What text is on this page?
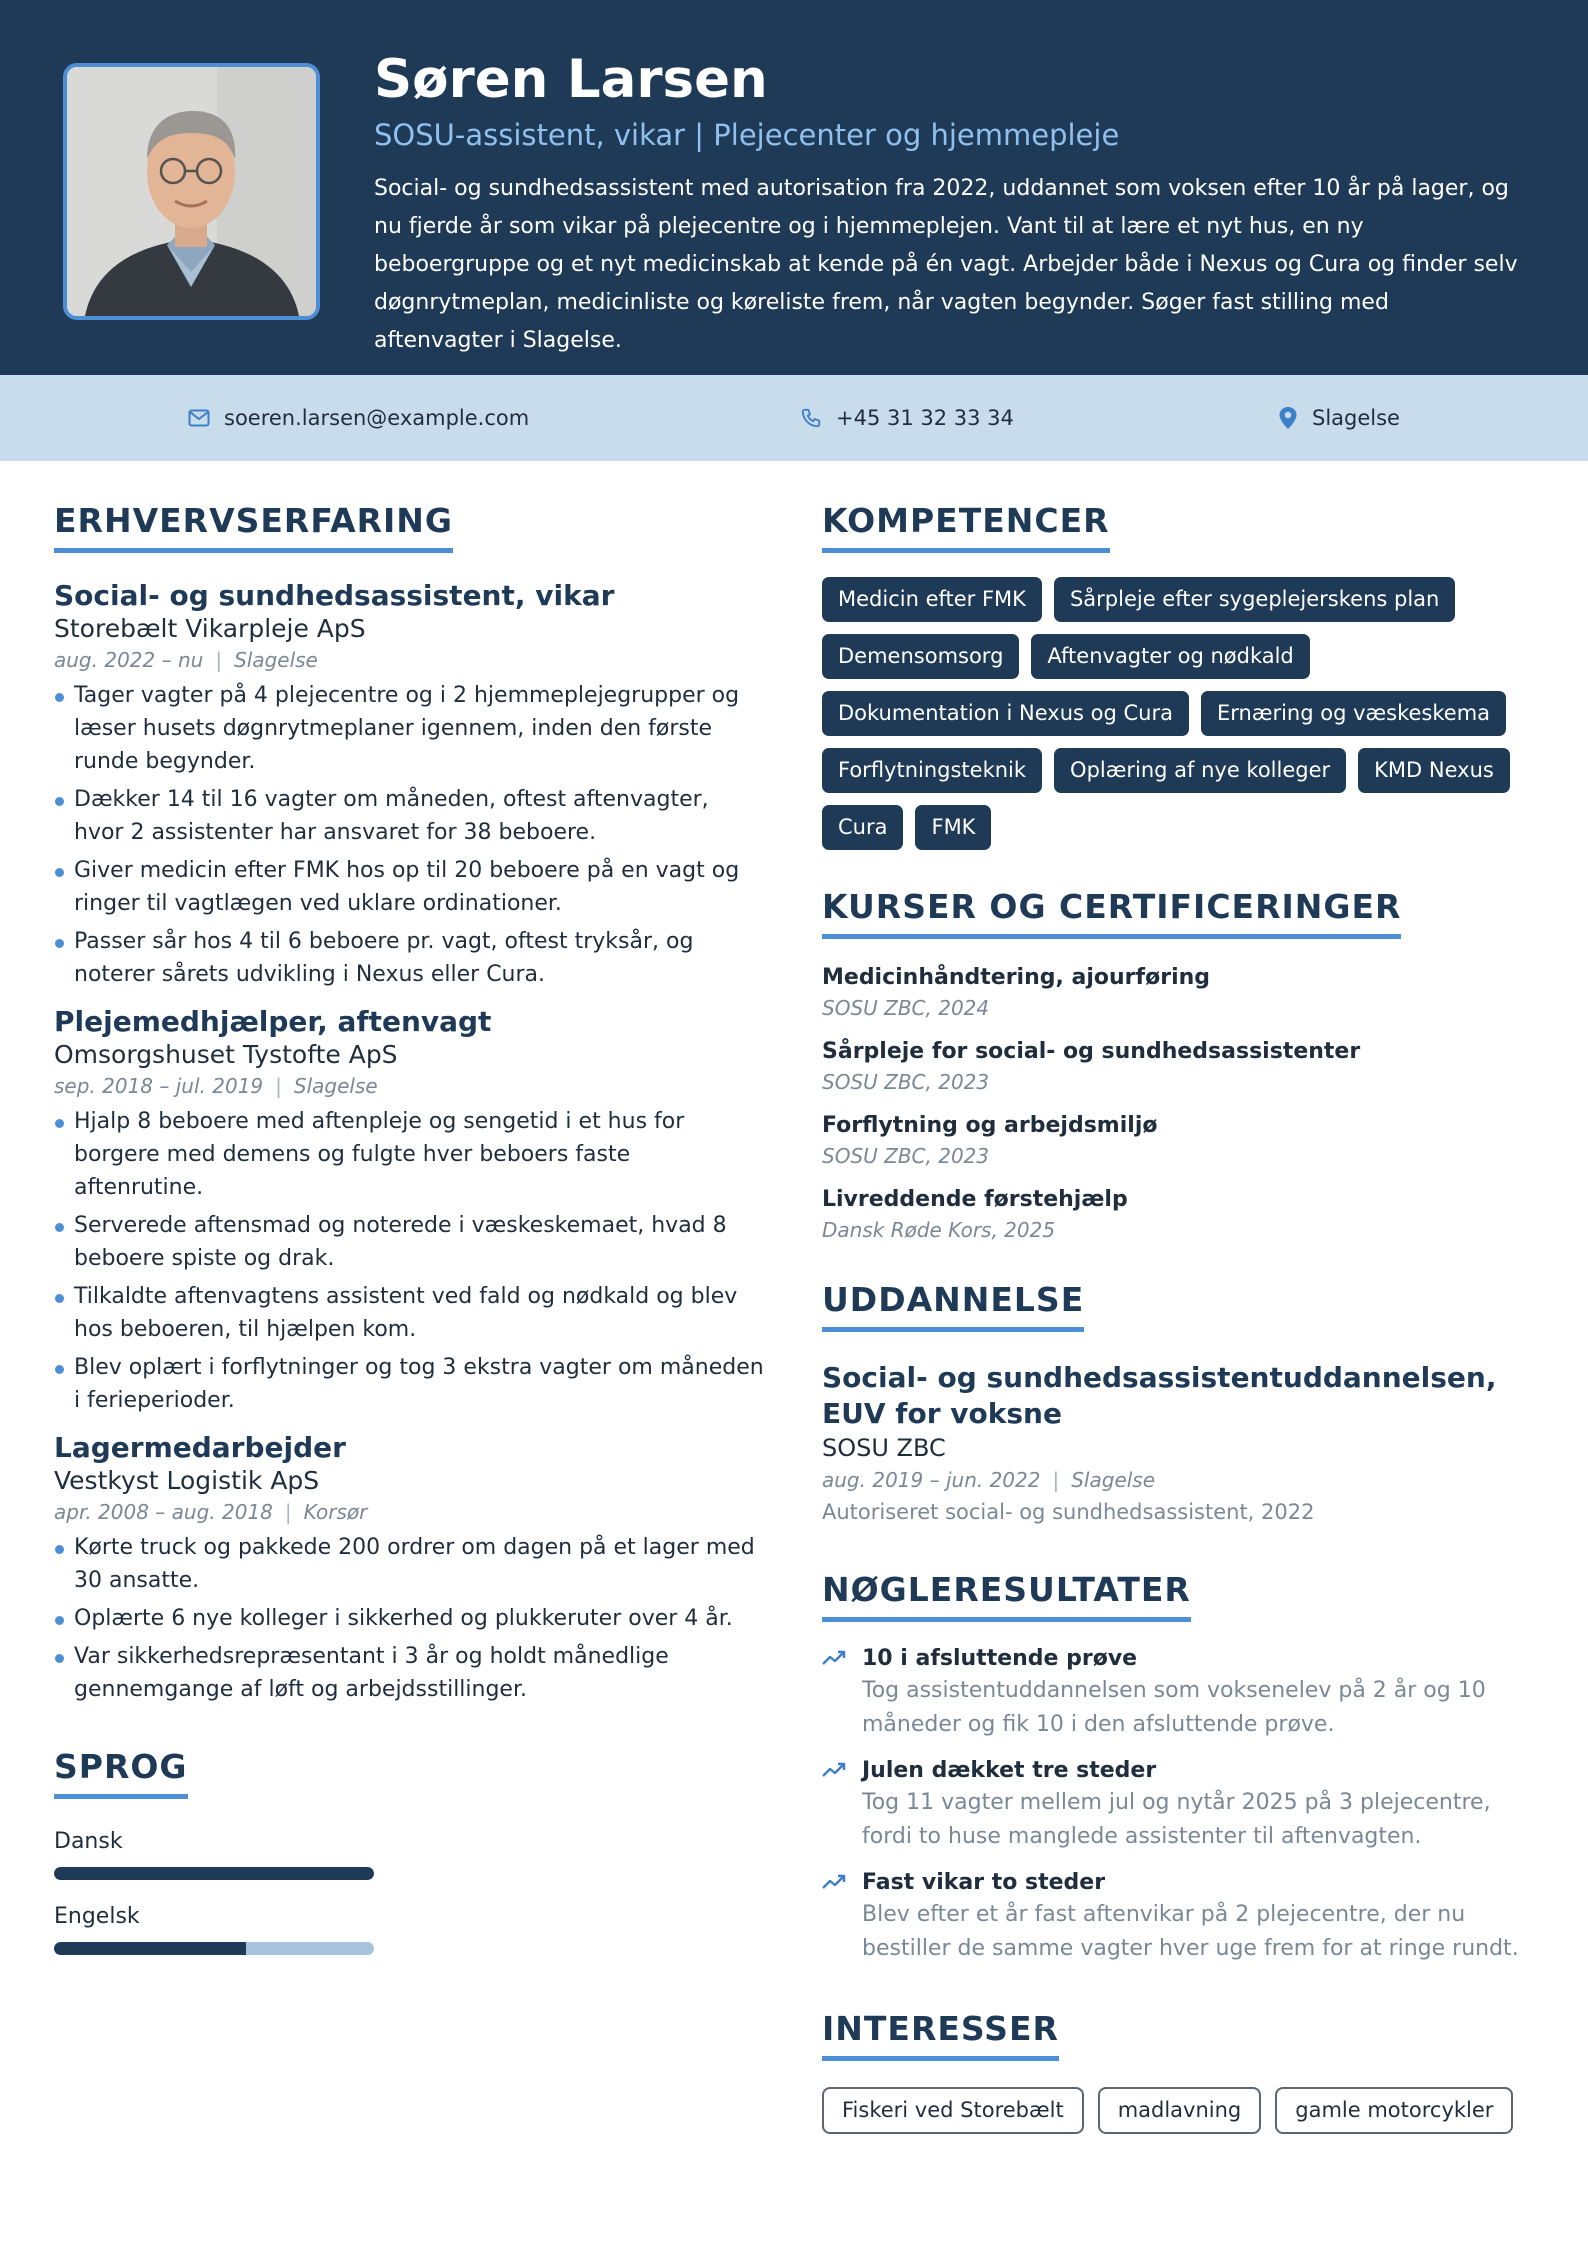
Søren Larsen
SOSU-assistent, vikar | Plejecenter og hjemmepleje
Social- og sundhedsassistent med autorisation fra 2022, uddannet som voksen efter 10 år på lager, og nu fjerde år som vikar på plejecentre og i hjemmeplejen. Vant til at lære et nyt hus, en ny beboergruppe og et nyt medicinskab at kende på én vagt. Arbejder både i Nexus og Cura og finder selv døgnrytmeplan, medicinliste og køreliste frem, når vagten begynder. Søger fast stilling med aftenvagter i Slagelse.
soeren.larsen@example.com	+45 31 32 33 34	Slagelse
ERHVERVSERFARING
Social- og sundhedsassistent, vikar
Storebælt Vikarpleje ApS
aug. 2022 – nu | Slagelse
Tager vagter på 4 plejecentre og i 2 hjemmeplejegrupper og læser husets døgnrytmeplaner igennem, inden den første runde begynder.
Dækker 14 til 16 vagter om måneden, oftest aftenvagter, hvor 2 assistenter har ansvaret for 38 beboere.
Giver medicin efter FMK hos op til 20 beboere på en vagt og ringer til vagtlægen ved uklare ordinationer.
Passer sår hos 4 til 6 beboere pr. vagt, oftest tryksår, og noterer sårets udvikling i Nexus eller Cura.
Plejemedhjælper, aftenvagt
Omsorgshuset Tystofte ApS
sep. 2018 – jul. 2019 | Slagelse
Hjalp 8 beboere med aftenpleje og sengetid i et hus for borgere med demens og fulgte hver beboers faste aftenrutine.
Serverede aftensmad og noterede i væskeskemaet, hvad 8 beboere spiste og drak.
Tilkaldte aftenvagtens assistent ved fald og nødkald og blev hos beboeren, til hjælpen kom.
Blev oplært i forflytninger og tog 3 ekstra vagter om måneden i ferieperioder.
Lagermedarbejder
Vestkyst Logistik ApS
apr. 2008 – aug. 2018 | Korsør
Kørte truck og pakkede 200 ordrer om dagen på et lager med 30 ansatte.
Oplærte 6 nye kolleger i sikkerhed og plukkeruter over 4 år.
Var sikkerhedsrepræsentant i 3 år og holdt månedlige gennemgange af løft og arbejdsstillinger.
SPROG
Dansk
Engelsk
KOMPETENCER
Medicin efter FMK	Sårpleje efter sygeplejerskens plan
Demensomsorg	Aftenvagter og nødkald
Dokumentation i Nexus og Cura	Ernæring og væskeskema
Forflytningsteknik	Oplæring af nye kolleger	KMD Nexus
Cura	FMK
KURSER OG CERTIFICERINGER
Medicinhåndtering, ajourføring
SOSU ZBC, 2024
Sårpleje for social- og sundhedsassistenter
SOSU ZBC, 2023
Forflytning og arbejdsmiljø
SOSU ZBC, 2023
Livreddende førstehjælp
Dansk Røde Kors, 2025
UDDANNELSE
Social- og sundhedsassistentuddannelsen, EUV for voksne
SOSU ZBC
aug. 2019 – jun. 2022 | Slagelse
Autoriseret social- og sundhedsassistent, 2022
NØGLERESULTATER
10 i afsluttende prøve
Tog assistentuddannelsen som voksenelev på 2 år og 10 måneder og fik 10 i den afsluttende prøve.
Julen dækket tre steder
Tog 11 vagter mellem jul og nytår 2025 på 3 plejecentre, fordi to huse manglede assistenter til aftenvagten.
Fast vikar to steder
Blev efter et år fast aftenvikar på 2 plejecentre, der nu bestiller de samme vagter hver uge frem for at ringe rundt.
INTERESSER
Fiskeri ved Storebælt	madlavning	gamle motorcykler
